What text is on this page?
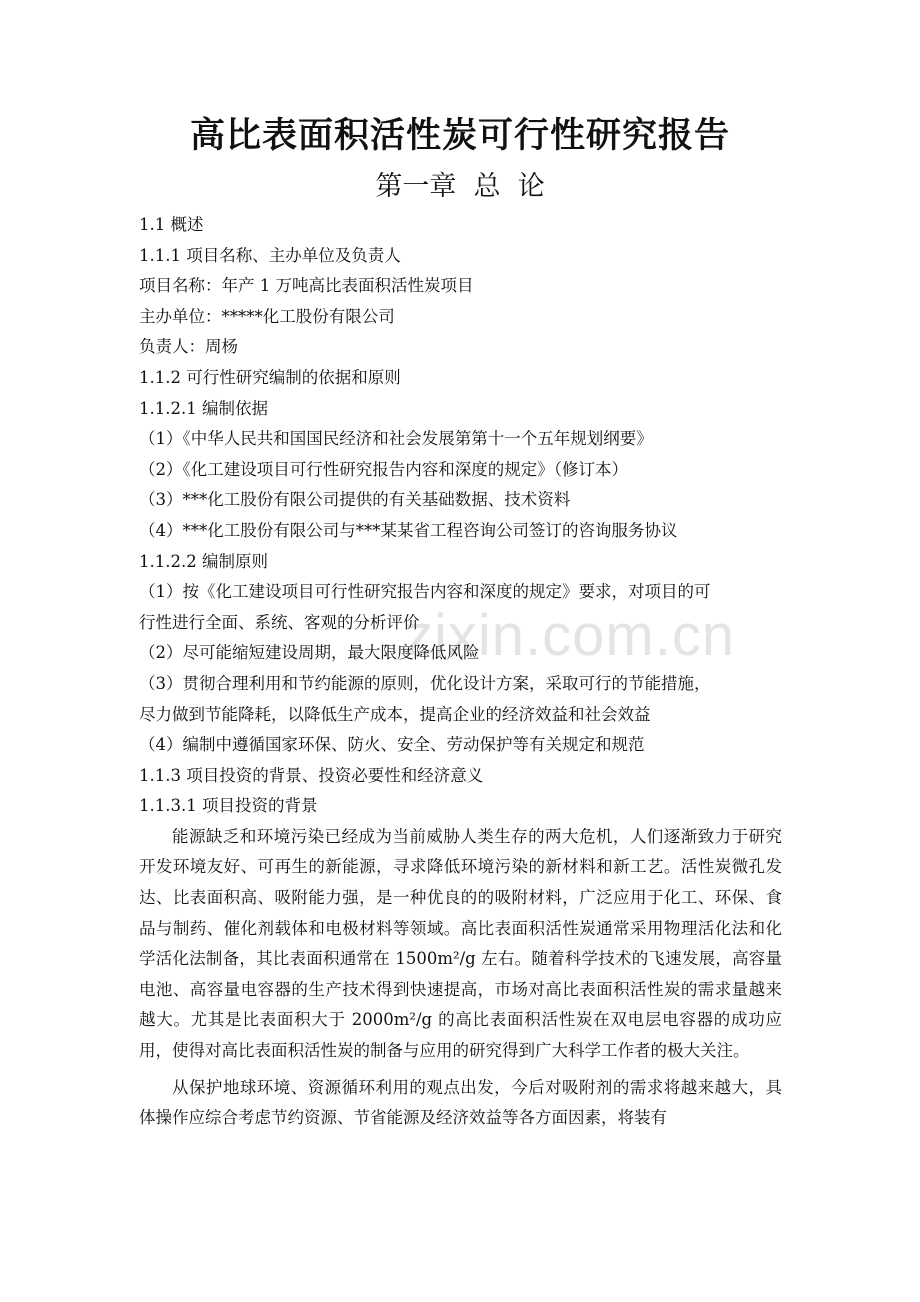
zixin.com.cn
高比表面积活性炭可行性研究报告
第一章  总  论
1.1 概述
1.1.1 项目名称、主办单位及负责人
项目名称：年产 1 万吨高比表面积活性炭项目
主办单位：*****化工股份有限公司
负责人：周杨
1.1.2 可行性研究编制的依据和原则
1.1.2.1 编制依据
（1）《中华人民共和国国民经济和社会发展第第十一个五年规划纲要》
（2）《化工建设项目可行性研究报告内容和深度的规定》（修订本）
（3）***化工股份有限公司提供的有关基础数据、技术资料
（4）***化工股份有限公司与***某某省工程咨询公司签订的咨询服务协议
1.1.2.2 编制原则
（1）按《化工建设项目可行性研究报告内容和深度的规定》要求，对项目的可
行性进行全面、系统、客观的分析评价
（2）尽可能缩短建设周期，最大限度降低风险
（3）贯彻合理利用和节约能源的原则，优化设计方案，采取可行的节能措施，
尽力做到节能降耗，以降低生产成本，提高企业的经济效益和社会效益
（4）编制中遵循国家环保、防火、安全、劳动保护等有关规定和规范
1.1.3 项目投资的背景、投资必要性和经济意义
1.1.3.1 项目投资的背景

能源缺乏和环境污染已经成为当前威胁人类生存的两大危机，人们逐渐致力于研究开发环境友好、可再生的新能源，寻求降低环境污染的新材料和新工艺。活性炭微孔发达、比表面积高、吸附能力强，是一种优良的的吸附材料，广泛应用于化工、环保、食品与制药、催化剂载体和电极材料等领域。高比表面积活性炭通常采用物理活化法和化学活化法制备，其比表面积通常在 1500m²/g 左右。随着科学技术的飞速发展，高容量电池、高容量电容器的生产技术得到快速提高，市场对高比表面积活性炭的需求量越来越大。尤其是比表面积大于 2000m²/g 的高比表面积活性炭在双电层电容器的成功应用，使得对高比表面积活性炭的制备与应用的研究得到广大科学工作者的极大关注。

从保护地球环境、资源循环利用的观点出发，今后对吸附剂的需求将越来越大，具体操作应综合考虑节约资源、节省能源及经济效益等各方面因素，将装有
